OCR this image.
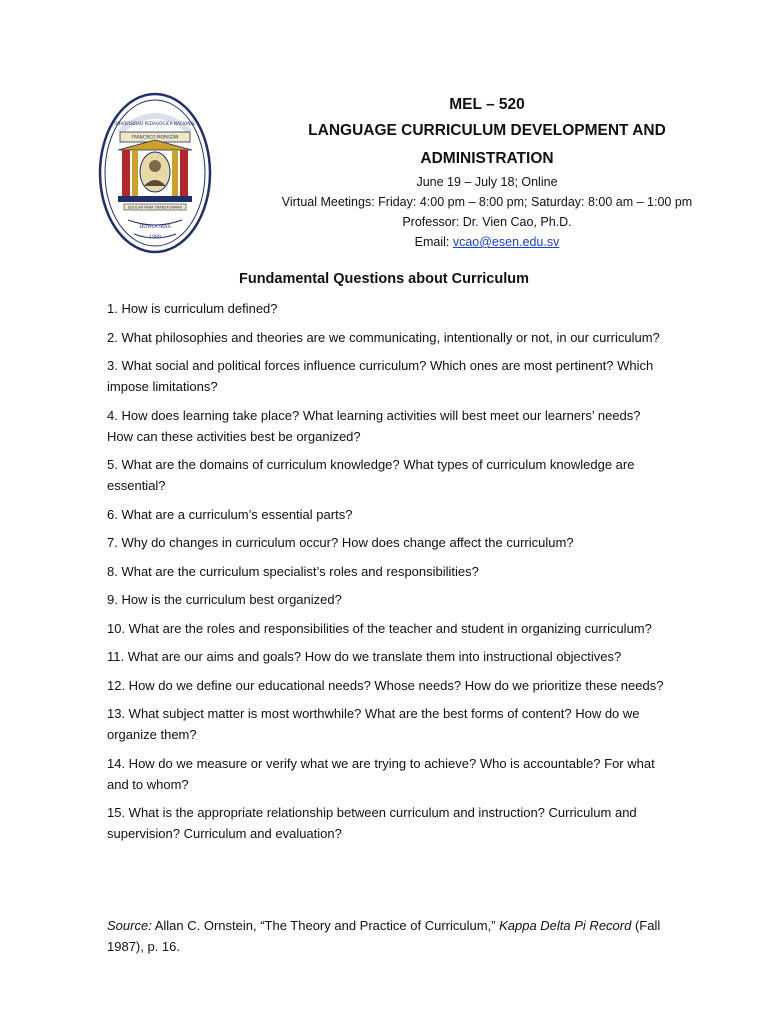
FRANCISCO MORAZÁN
UNIVERSIDAD PEDAGÓGICA NACIONAL
EDUCAR PARA TRANSFORMAR
HONDURAS
1989
MEL – 520
LANGUAGE CURRICULUM DEVELOPMENT AND
ADMINISTRATION
June 19 – July 18; Online
Virtual Meetings: Friday: 4:00 pm – 8:00 pm; Saturday: 8:00 am – 1:00 pm
Professor: Dr. Vien Cao, Ph.D.
Email: vcao@esen.edu.sv
Fundamental Questions about Curriculum
1. How is curriculum defined?
2. What philosophies and theories are we communicating, intentionally or not, in our curriculum?
3. What social and political forces influence curriculum? Which ones are most pertinent? Which impose limitations?
4. How does learning take place? What learning activities will best meet our learners’ needs? How can these activities best be organized?
5. What are the domains of curriculum knowledge? What types of curriculum knowledge are essential?
6. What are a curriculum’s essential parts?
7. Why do changes in curriculum occur? How does change affect the curriculum?
8. What are the curriculum specialist’s roles and responsibilities?
9. How is the curriculum best organized?
10. What are the roles and responsibilities of the teacher and student in organizing curriculum?
11. What are our aims and goals? How do we translate them into instructional objectives?
12. How do we define our educational needs? Whose needs? How do we prioritize these needs?
13. What subject matter is most worthwhile? What are the best forms of content? How do we organize them?
14. How do we measure or verify what we are trying to achieve? Who is accountable? For what and to whom?
15. What is the appropriate relationship between curriculum and instruction? Curriculum and supervision? Curriculum and evaluation?
Source: Allan C. Ornstein, “The Theory and Practice of Curriculum,” Kappa Delta Pi Record (Fall 1987), p. 16.
